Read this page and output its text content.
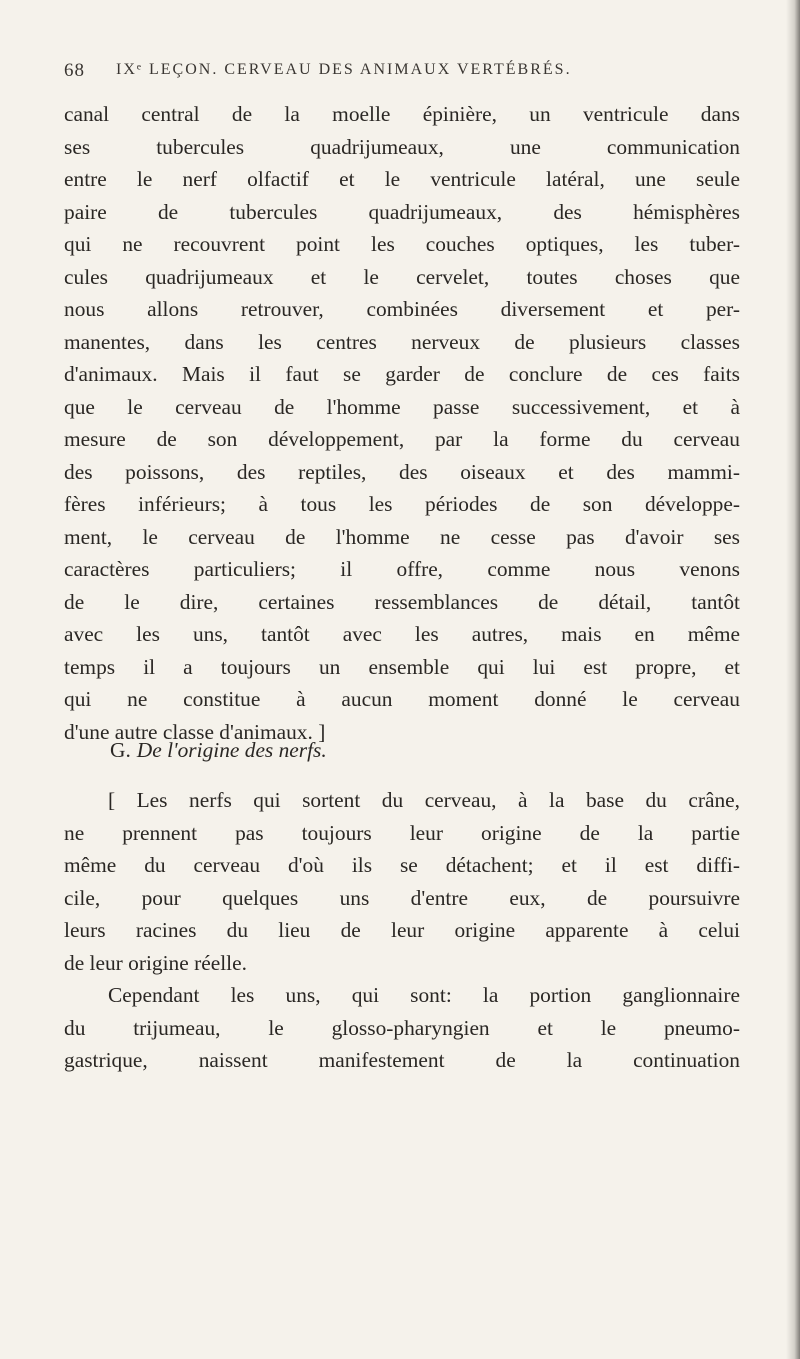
68 IXᵉ LEÇON. CERVEAU DES ANIMAUX VERTÉBRÉS.
canal central de la moelle épinière, un ventricule dans
ses tubercules quadrijumeaux, une communication
entre le nerf olfactif et le ventricule latéral, une seule
paire de tubercules quadrijumeaux, des hémisphères
qui ne recouvrent point les couches optiques, les tuber-
cules quadrijumeaux et le cervelet, toutes choses que
nous allons retrouver, combinées diversement et per-
manentes, dans les centres nerveux de plusieurs classes
d'animaux. Mais il faut se garder de conclure de ces faits
que le cerveau de l'homme passe successivement, et à
mesure de son développement, par la forme du cerveau
des poissons, des reptiles, des oiseaux et des mammi-
fères inférieurs; à tous les périodes de son développe-
ment, le cerveau de l'homme ne cesse pas d'avoir ses
caractères particuliers; il offre, comme nous venons
de le dire, certaines ressemblances de détail, tantôt
avec les uns, tantôt avec les autres, mais en même
temps il a toujours un ensemble qui lui est propre, et
qui ne constitue à aucun moment donné le cerveau
d'une autre classe d'animaux. ]
G. De l'origine des nerfs.
[ Les nerfs qui sortent du cerveau, à la base du crâne,
ne prennent pas toujours leur origine de la partie
même du cerveau d'où ils se détachent; et il est diffi-
cile, pour quelques uns d'entre eux, de poursuivre
leurs racines du lieu de leur origine apparente à celui
de leur origine réelle.
Cependant les uns, qui sont: la portion ganglionnaire
du trijumeau, le glosso-pharyngien et le pneumo-
gastrique, naissent manifestement de la continuation
